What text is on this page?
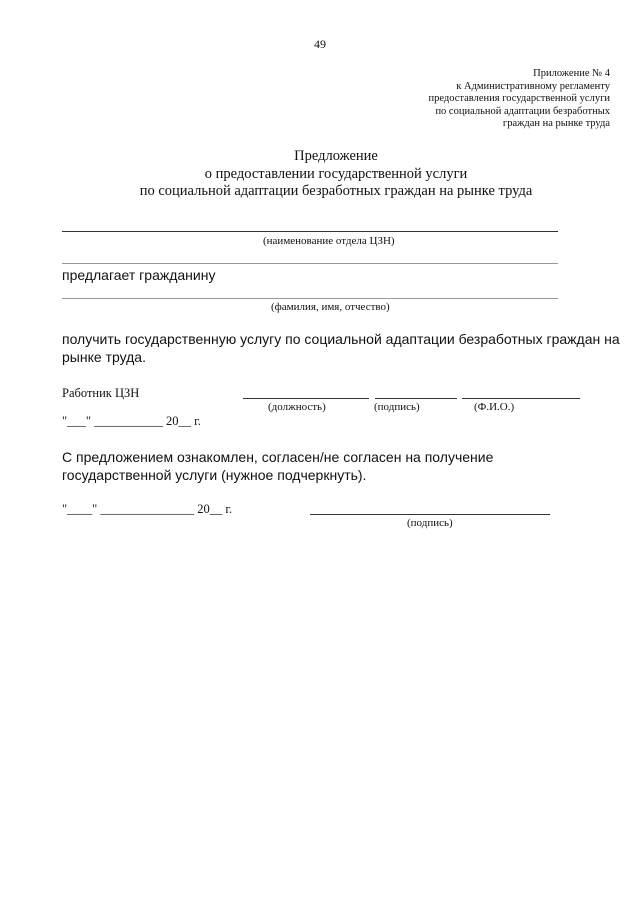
49
Приложение № 4
к Административному регламенту
предоставления государственной услуги
по социальной адаптации безработных
граждан на рынке труда
Предложение
о предоставлении государственной услуги
по социальной адаптации безработных граждан на рынке труда
(наименование отдела ЦЗН)
предлагает гражданину
(фамилия, имя, отчество)
получить государственную услугу по социальной адаптации безработных граждан на
рынке труда.
Работник ЦЗН
(должность)	(подпись)	(Ф.И.О.)
"___" ___________ 20__ г.
С предложением ознакомлен, согласен/не согласен на получение
государственной услуги (нужное подчеркнуть).
"____" _______________ 20__ г.
(подпись)
